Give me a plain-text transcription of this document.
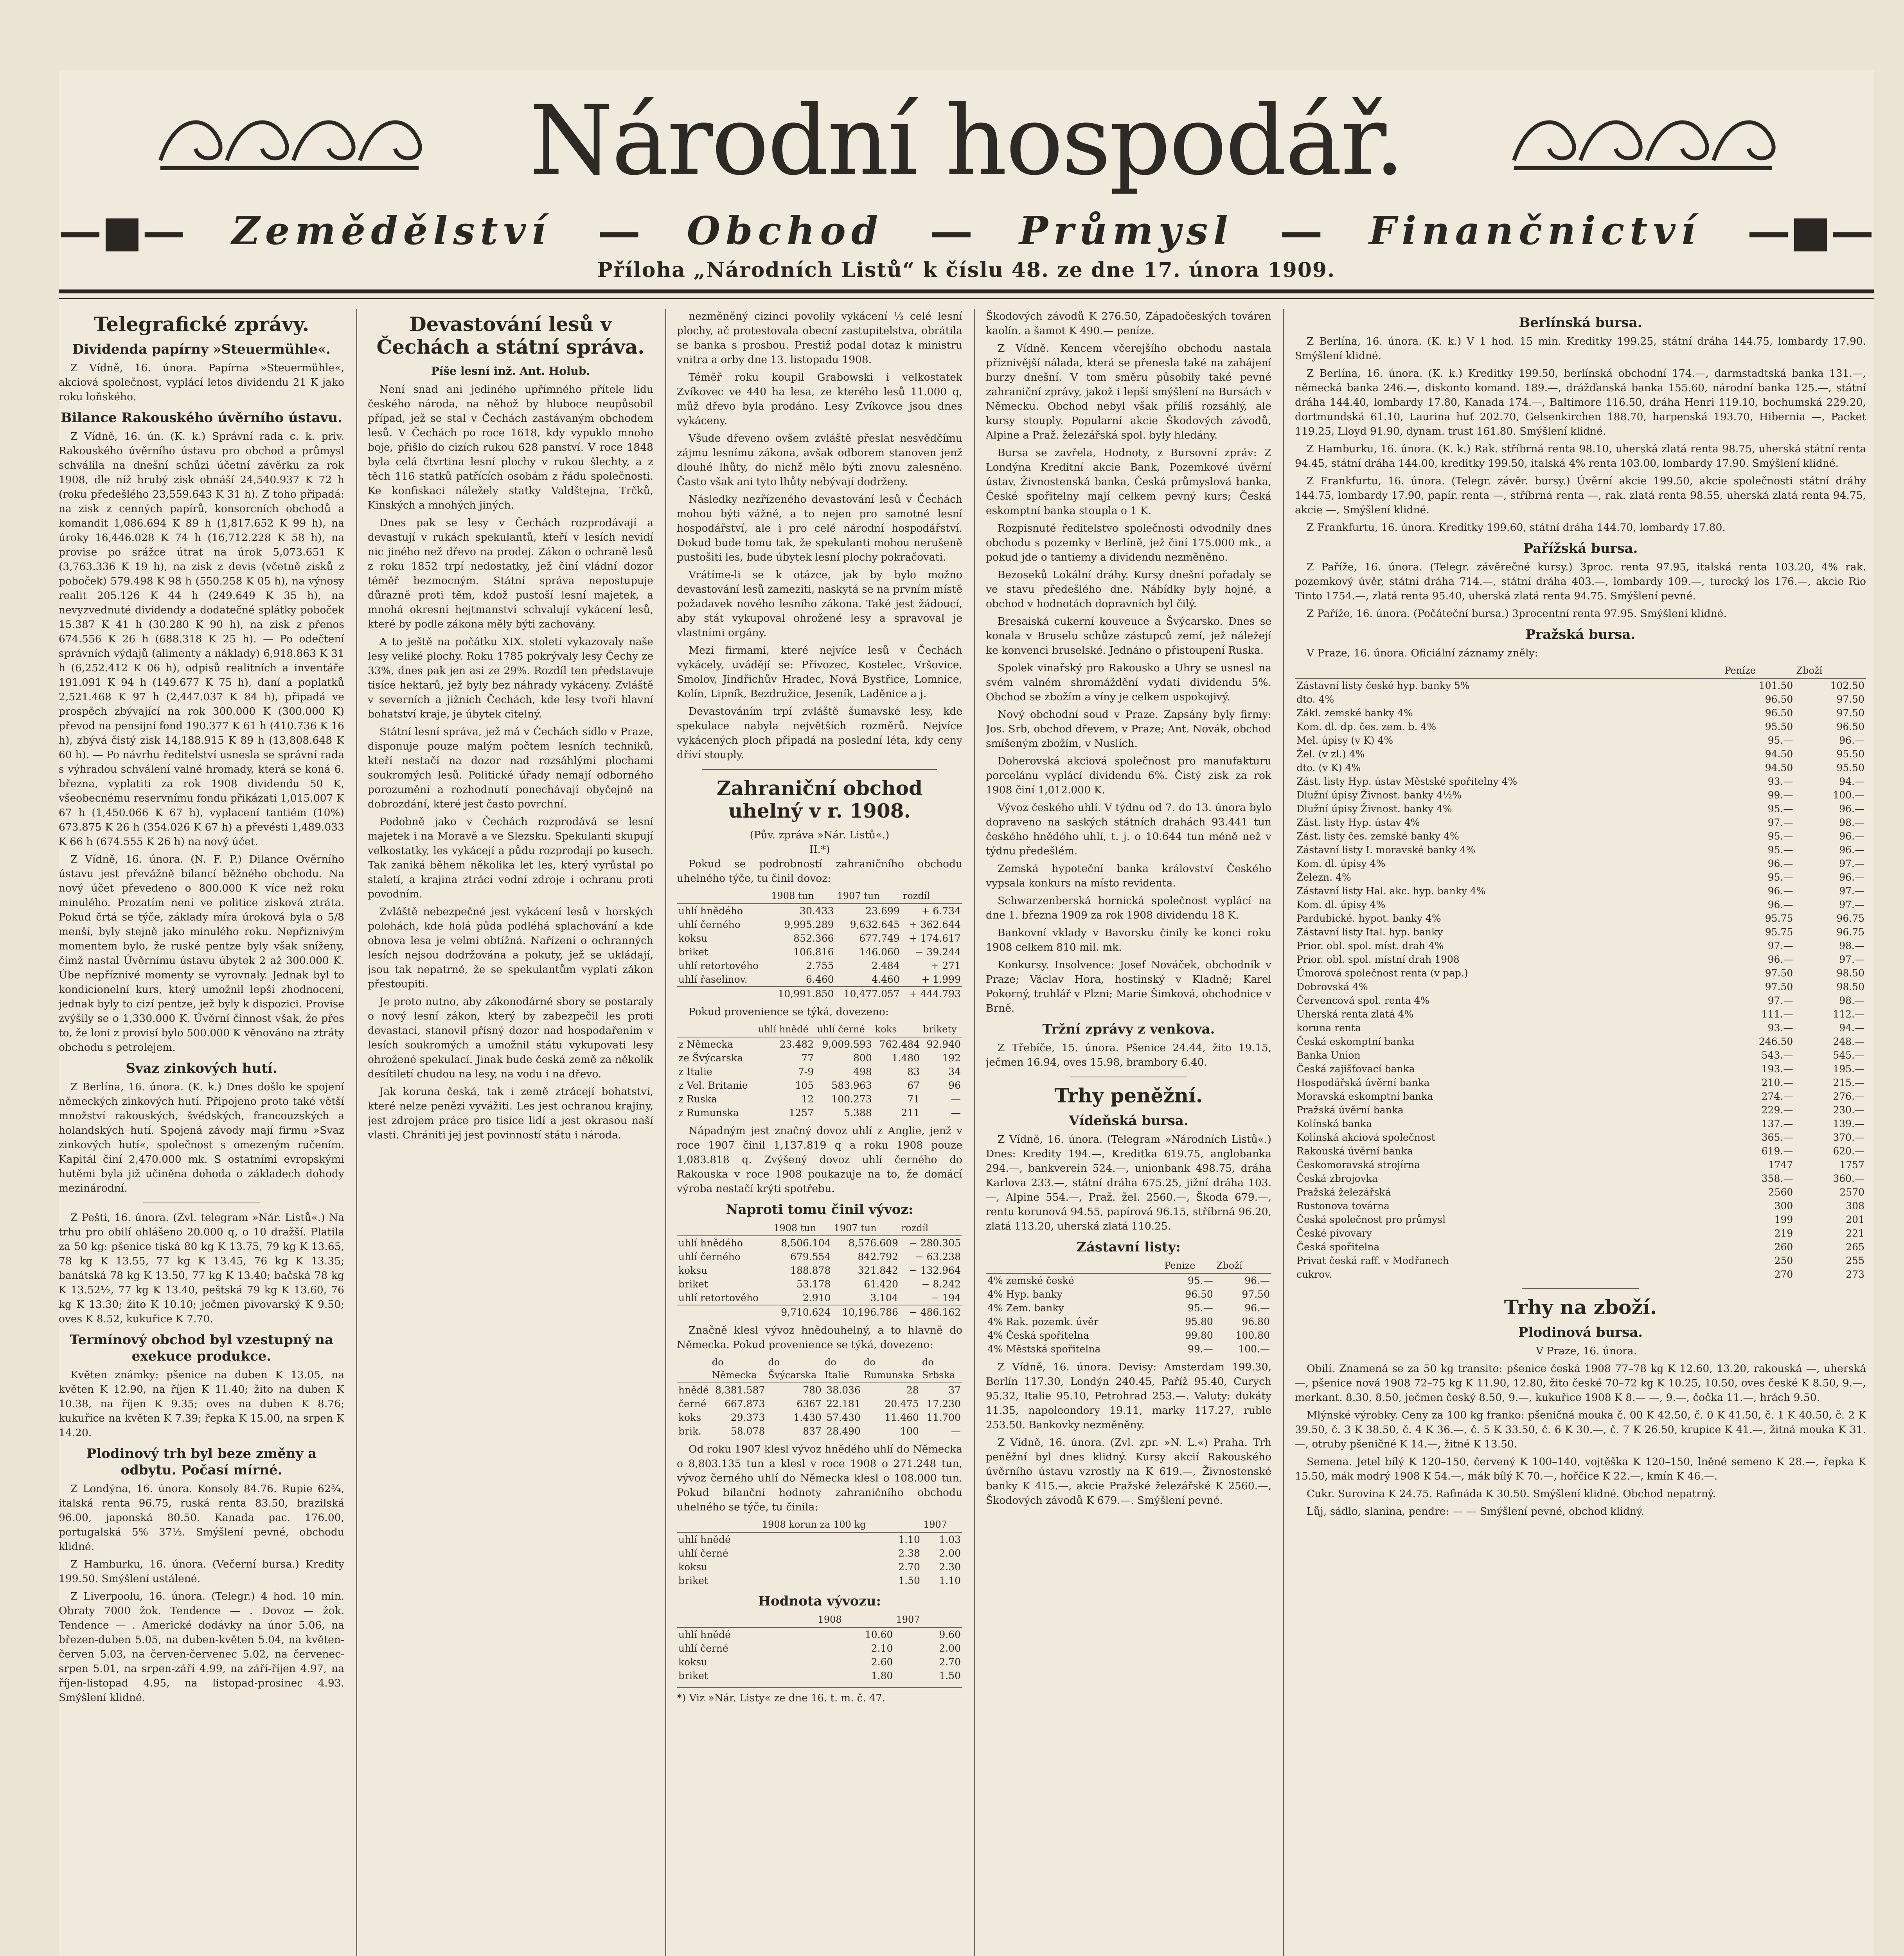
Národní hospodář.
—■— Zemědělství — Obchod — Průmysl — Finančnictví —■—
Příloha „Národních Listů“ k číslu 48. ze dne 17. února 1909.
Telegrafické zprávy.
Dividenda papírny »Steuermühle«.

Z Vídně, 16. února. Papírna »Steuermühle«, akciová společnost, vyplácí letos dividendu 21 K jako roku loňského.

Bilance Rakouského úvěrního ústavu.

Z Vídně, 16. ún. (K. k.) Správní rada c. k. priv. Rakouského úvěrního ústavu pro obchod a průmysl schválila na dnešní schůzi účetní závěrku za rok 1908, dle níž hrubý zisk obnáší 24,540.937 K 72 h (roku předešlého 23,559.643 K 31 h). Z toho připadá: na zisk z cenných papírů, konsorcních obchodů a komandit 1,086.694 K 89 h (1,817.652 K 99 h), na úroky 16,446.028 K 74 h (16,712.228 K 58 h), na provise po srážce útrat na úrok 5,073.651 K (3,763.336 K 19 h), na zisk z devis (včetně zisků z poboček) 579.498 K 98 h (550.258 K 05 h), na výnosy realit 205.126 K 44 h (249.649 K 35 h), na nevyzvednuté dividendy a dodatečné splátky poboček 15.387 K 41 h (30.280 K 90 h), na zisk z přenos 674.556 K 26 h (688.318 K 25 h). — Po odečtení správních výdajů (alimenty a náklady) 6,918.863 K 31 h (6,252.412 K 06 h), odpisů realitních a inventáře 191.091 K 94 h (149.677 K 75 h), daní a poplatků 2,521.468 K 97 h (2,447.037 K 84 h), připadá ve prospěch zbývající na rok 300.000 K (300.000 K) převod na pensijní fond 190.377 K 61 h (410.736 K 16 h), zbývá čistý zisk 14,188.915 K 89 h (13,808.648 K 60 h). — Po návrhu ředitelství usnesla se správní rada s výhradou schválení valné hromady, která se koná 6. března, vyplatiti za rok 1908 dividendu 50 K, všeobecnému reservnímu fondu přikázati 1,015.007 K 67 h (1,450.066 K 67 h), vyplacení tantiém (10%) 673.875 K 26 h (354.026 K 67 h) a převésti 1,489.033 K 66 h (674.555 K 26 h) na nový účet.

Z Vídně, 16. února. (N. F. P.) Dilance Ověrního ústavu jest převážně bilancí běžného obchodu. Na nový účet převedeno o 800.000 K více než roku minulého. Prozatím není ve politice zisková ztráta. Pokud črtá se týče, základy míra úroková byla o 5/8 menší, byly stejně jako minulého roku. Nepřiznivým momentem bylo, že ruské pentze byly však sníženy, čímž nastal Úvěrnímu ústavu úbytek 2 až 300.000 K. Úbe nepříznivé momenty se vyrovnaly. Jednak byl to kondicionelní kurs, který umožnil lepší zhodnocení, jednak byly to cizí pentze, jež byly k dispozici. Provise zvýšily se o 1,330.000 K. Úvěrní činnost však, že přes to, že loni z provisí bylo 500.000 K věnováno na ztráty obchodu s petrolejem.

Svaz zinkových hutí.

Z Berlína, 16. února. (K. k.) Dnes došlo ke spojení německých zinkových hutí. Připojeno proto také větší množství rakouských, švédských, francouzských a holandských hutí. Spojená závody mají firmu »Svaz zinkových hutí«, společnost s omezeným ručením. Kapitál činí 2,470.000 mk. S ostatními evropskými hutěmi byla již učiněna dohoda o základech dohody mezinárodní.

Z Pešti, 16. února. (Zvl. telegram »Nár. Listů«.) Na trhu pro obilí ohlášeno 20.000 q, o 10 dražší. Platila za 50 kg: pšenice tiská 80 kg K 13.75, 79 kg K 13.65, 78 kg K 13.55, 77 kg K 13.45, 76 kg K 13.35; banátská 78 kg K 13.50, 77 kg K 13.40; bačská 78 kg K 13.52½, 77 kg K 13.40, peštská 79 kg K 13.60, 76 kg K 13.30; žito K 10.10; ječmen pivovarský K 9.50; oves K 8.52, kukuřice K 7.70.

Termínový obchod byl vzestupný na exekuce produkce.

Květen známky: pšenice na duben K 13.05, na květen K 12.90, na říjen K 11.40; žito na duben K 10.38, na říjen K 9.35; oves na duben K 8.76; kukuřice na květen K 7.39; řepka K 15.00, na srpen K 14.20.

Plodinový trh byl beze změny a odbytu. Počasí mírné.

Z Londýna, 16. února. Konsoly 84.76. Rupie 62¾, italská renta 96.75, ruská renta 83.50, brazilská 96.00, japonská 80.50. Kanada pac. 176.00, portugalská 5% 37½. Smýšlení pevné, obchodu klidné.

Z Hamburku, 16. února. (Večerní bursa.) Kredity 199.50. Smýšlení ustálené.

Z Liverpoolu, 16. února. (Telegr.) 4 hod. 10 min. Obraty 7000 žok. Tendence — . Dovoz — žok. Tendence — . Americké dodávky na únor 5.06, na březen-duben 5.05, na duben-květen 5.04, na květen-červen 5.03, na červen-červenec 5.02, na červenec-srpen 5.01, na srpen-září 4.99, na září-říjen 4.97, na říjen-listopad 4.95, na listopad-prosinec 4.93. Smýšlení klidné.

Devastování lesů v Čechách a státní správa.
Píše lesní inž. Ant. Holub.

Není snad ani jediného upřímného přítele lidu českého národa, na něhož by hluboce neupůsobil případ, jež se stal v Čechách zastávaným obchodem lesů. V Čechách po roce 1618, kdy vypuklo mnoho boje, přišlo do cizích rukou 628 panství. V roce 1848 byla celá čtvrtina lesní plochy v rukou šlechty, a z těch 116 statků patřících osobám z řádu společnosti. Ke konfiskaci náležely statky Valdštejna, Trčků, Kinských a mnohých jiných.

Dnes pak se lesy v Čechách rozprodávají a devastují v rukách spekulantů, kteří v lesích nevidí nic jiného než dřevo na prodej. Zákon o ochraně lesů z roku 1852 trpí nedostatky, jež činí vládní dozor téměř bezmocným. Státní správa nepostupuje důrazně proti těm, kdož pustoší lesní majetek, a mnohá okresní hejtmanství schvalují vykácení lesů, které by podle zákona měly býti zachovány.

A to ještě na počátku XIX. století vykazovaly naše lesy veliké plochy. Roku 1785 pokrývaly lesy Čechy ze 33%, dnes pak jen asi ze 29%. Rozdíl ten představuje tisíce hektarů, jež byly bez náhrady vykáceny. Zvláště v severních a jižních Čechách, kde lesy tvoří hlavní bohatství kraje, je úbytek citelný.

Státní lesní správa, jež má v Čechách sídlo v Praze, disponuje pouze malým počtem lesních techniků, kteří nestačí na dozor nad rozsáhlými plochami soukromých lesů. Politické úřady nemají odborného porozumění a rozhodnutí ponechávají obyčejně na dobrozdání, které jest často povrchní.

Podobně jako v Čechách rozprodává se lesní majetek i na Moravě a ve Slezsku. Spekulanti skupují velkostatky, les vykácejí a půdu rozprodají po kusech. Tak zaniká během několika let les, který vyrůstal po staletí, a krajina ztrácí vodní zdroje i ochranu proti povodním.

Zvláště nebezpečné jest vykácení lesů v horských polohách, kde holá půda podléhá splachování a kde obnova lesa je velmi obtížná. Nařízení o ochranných lesích nejsou dodržována a pokuty, jež se ukládají, jsou tak nepatrné, že se spekulantům vyplatí zákon přestoupiti.

Je proto nutno, aby zákonodárné sbory se postaraly o nový lesní zákon, který by zabezpečil les proti devastaci, stanovil přísný dozor nad hospodařením v lesích soukromých a umožnil státu vykupovati lesy ohrožené spekulací. Jinak bude česká země za několik desítiletí chudou na lesy, na vodu i na dřevo.

Jak koruna česká, tak i země ztrácejí bohatství, které nelze penězi vyvážiti. Les jest ochranou krajiny, jest zdrojem práce pro tisíce lidí a jest okrasou naší vlasti. Chrániti jej jest povinností státu i národa.

nezměněný cizinci povolily vykácení ⅓ celé lesní plochy, ač protestovala obecní zastupitelstva, obrátila se banka s prosbou. Prestiž podal dotaz k ministru vnitra a orby dne 13. listopadu 1908.

Téměř roku koupil Grabowski i velkostatek Zvíkovec ve 440 ha lesa, ze kterého lesů 11.000 q, můž dřevo byla prodáno. Lesy Zvíkovce jsou dnes vykáceny.

Všude dřeveno ovšem zvláště přeslat nesvědčímu zájmu lesnímu zákona, avšak odborem stanoven jenž dlouhé lhůty, do nichž mělo býti znovu zalesněno. Často však ani tyto lhůty nebývají dodrženy.

Následky nezřízeného devastování lesů v Čechách mohou býti vážné, a to nejen pro samotné lesní hospodářství, ale i pro celé národní hospodářství. Dokud bude tomu tak, že spekulanti mohou nerušeně pustošiti les, bude úbytek lesní plochy pokračovati.

Vrátíme-li se k otázce, jak by bylo možno devastování lesů zameziti, naskytá se na prvním místě požadavek nového lesního zákona. Také jest žádoucí, aby stát vykupoval ohrožené lesy a spravoval je vlastními orgány.

Mezi firmami, které nejvíce lesů v Čechách vykácely, uvádějí se: Přívozec, Kostelec, Vršovice, Smolov, Jindřichův Hradec, Nová Bystřice, Lomnice, Kolín, Lipník, Bezdružice, Jeseník, Laděnice a j.

Devastováním trpí zvláště šumavské lesy, kde spekulace nabyla největších rozměrů. Nejvíce vykácených ploch připadá na poslední léta, kdy ceny dříví stouply.

Zahraniční obchod uhelný v r. 1908.
(Pův. zpráva »Nár. Listů«.)
II.*)

Pokud se podrobností zahraničního obchodu uhelného týče, tu činil dovoz:

	1908 tun	1907 tun	rozdíl
uhlí hnědého	30.433	23.699	+ 6.734
uhlí černého	9,995.289	9,632.645	+ 362.644
koksu	852.366	677.749	+ 174.617
briket	106.816	146.060	− 39.244
uhlí retortového	2.755	2.484	+ 271
uhlí řaselinov.	6.460	4.460	+ 1.999
	10,991.850	10,477.057	+ 444.793

Pokud provenience se týká, dovezeno:

	uhlí hnědé	uhlí černé	koks	brikety
z Německa	23.482	9,009.593	762.484	92.940
ze Švýcarska	77	800	1.480	192
z Italie	7-9	498	83	34
z Vel. Britanie	105	583.963	67	96
z Ruska	12	100.273	71	—
z Rumunska	1257	5.388	211	—

Nápadným jest značný dovoz uhlí z Anglie, jenž v roce 1907 činil 1,137.819 q a roku 1908 pouze 1,083.818 q. Zvýšený dovoz uhlí černého do Rakouska v roce 1908 poukazuje na to, že domácí výroba nestačí krýti spotřebu.

Naproti tomu činil vývoz:
	1908 tun	1907 tun	rozdíl
uhlí hnědého	8,506.104	8,576.609	− 280.305
uhlí černého	679.554	842.792	− 63.238
koksu	188.878	321.842	− 132.964
briket	53.178	61.420	− 8.242
uhlí retortového	2.910	3.104	− 194
	9,710.624	10,196.786	− 486.162

Značně klesl vývoz hnědouhelný, a to hlavně do Německa. Pokud provenience se týká, dovezeno:

	do Německa	do Švýcarska	do Italie	do Rumunska	do Srbska
hnědé	8,381.587	780	38.036	28	37
černé	667.873	6367	22.181	20.475	17.230
koks	29.373	1.430	57.430	11.460	11.700
brik.	58.078	837	28.490	100	—

Od roku 1907 klesl vývoz hnědého uhlí do Německa o 8,803.135 tun a klesl v roce 1908 o 271.248 tun, vývoz černého uhlí do Německa klesl o 108.000 tun. Pokud bilanční hodnoty zahraničního obchodu uhelného se týče, tu činila:

	1908 korun za 100 kg	1907
uhlí hnědé	1.10	1.03
uhlí černé	2.38	2.00
koksu	2.70	2.30
briket	1.50	1.10
Hodnota vývozu:
	1908	1907
uhlí hnědé	10.60	9.60
uhlí černé	2.10	2.00
koksu	2.60	2.70
briket	1.80	1.50
*) Viz »Nár. Listy« ze dne 16. t. m. č. 47.

Škodových závodů K 276.50, Západočeských továren kaolín. a šamot K 490.— peníze.

Z Vídně. Kencem včerejšího obchodu nastala příznivější nálada, která se přenesla také na zahájení burzy dnešní. V tom směru působily také pevné zahraniční zprávy, jakož i lepší smýšlení na Bursách v Německu. Obchod nebyl však příliš rozsáhlý, ale kursy stouply. Popularní akcie Škodových závodů, Alpine a Praž. železářská spol. byly hledány.

Bursa se zavřela, Hodnoty, z Bursovní zpráv: Z Londýna Kreditní akcie Bank, Pozemkové úvěrní ústav, Živnostenská banka, Česká průmyslová banka, České spořitelny mají celkem pevný kurs; Česká eskomptní banka stoupla o 1 K.

Rozpisnuté ředitelstvo společnosti odvodnily dnes obchodu s pozemky v Berlíně, jež činí 175.000 mk., a pokud jde o tantiemy a dividendu nezměněno.

Bezoseků Lokální dráhy. Kursy dnešní pořadaly se ve stavu předešlého dne. Nábídky byly hojné, a obchod v hodnotách dopravních byl čilý.

Bresaiská cukerní kouveuce a Švýcarsko. Dnes se konala v Bruselu schůze zástupců zemí, jež náležejí ke konvenci bruselské. Jednáno o přistoupení Ruska.

Spolek vinařský pro Rakousko a Uhry se usnesl na svém valném shromáždění vydati dividendu 5%. Obchod se zbožím a víny je celkem uspokojivý.

Nový obchodní soud v Praze. Zapsány byly firmy: Jos. Srb, obchod dřevem, v Praze; Ant. Novák, obchod smíšeným zbožím, v Nuslích.

Doherovská akciová společnost pro manufakturu porcelánu vyplácí dividendu 6%. Čistý zisk za rok 1908 činí 1,012.000 K.

Vývoz českého uhlí. V týdnu od 7. do 13. února bylo dopraveno na saských státních drahách 93.441 tun českého hnědého uhlí, t. j. o 10.644 tun méně než v týdnu předešlém.

Zemská hypoteční banka království Českého vypsala konkurs na místo revidenta.

Schwarzenberská hornická společnost vyplácí na dne 1. března 1909 za rok 1908 dividendu 18 K.

Bankovní vklady v Bavorsku činily ke konci roku 1908 celkem 810 mil. mk.

Konkursy. Insolvence: Josef Nováček, obchodník v Praze; Václav Hora, hostinský v Kladně; Karel Pokorný, truhlář v Plzni; Marie Šimková, obchodnice v Brně.

Tržní zprávy z venkova.

Z Třebíče, 15. února. Pšenice 24.44, žito 19.15, ječmen 16.94, oves 15.98, brambory 6.40.

Trhy peněžní.
Vídeňská bursa.

Z Vídně, 16. února. (Telegram »Národních Listů«.) Dnes: Kredity 194.—, Kreditka 619.75, anglobanka 294.—, bankverein 524.—, unionbank 498.75, dráha Karlova 233.—, státní dráha 675.25, jižní dráha 103.—, Alpine 554.—, Praž. žel. 2560.—, Škoda 679.—, rentu korunová 94.55, papírová 96.15, stříbrná 96.20, zlatá 113.20, uherská zlatá 110.25.

Zástavní listy:
	Penize	Zboží
4% zemské české	95.—	96.—
4% Hyp. banky	96.50	97.50
4% Zem. banky	95.—	96.—
4% Rak. pozemk. úvěr	95.80	96.80
4% Česká spořitelna	99.80	100.80
4% Městská spořitelna	99.—	100.—

Z Vídně, 16. února. Devisy: Amsterdam 199.30, Berlín 117.30, Londýn 240.45, Paříž 95.40, Curych 95.32, Italie 95.10, Petrohrad 253.—. Valuty: dukáty 11.35, napoleondory 19.11, marky 117.27, ruble 253.50. Bankovky nezměněny.

Z Vídně, 16. února. (Zvl. zpr. »N. L.«) Praha. Trh peněžní byl dnes klidný. Kursy akcií Rakouského úvěrního ústavu vzrostly na K 619.—, Živnostenské banky K 415.—, akcie Pražské železářské K 2560.—, Škodových závodů K 679.—. Smýšlení pevné.

Berlínská bursa.

Z Berlína, 16. února. (K. k.) V 1 hod. 15 min. Kreditky 199.25, státní dráha 144.75, lombardy 17.90. Smýšlení klidné.

Z Berlína, 16. února. (K. k.) Kreditky 199.50, berlínská obchodní 174.—, darmstadtská banka 131.—, německá banka 246.—, diskonto komand. 189.—, drážďanská banka 155.60, národní banka 125.—, státní dráha 144.40, lombardy 17.80, Kanada 174.—, Baltimore 116.50, dráha Henri 119.10, bochumská 229.20, dortmundská 61.10, Laurina huť 202.70, Gelsenkirchen 188.70, harpenská 193.70, Hibernia —, Packet 119.25, Lloyd 91.90, dynam. trust 161.80. Smýšlení klidné.

Z Hamburku, 16. února. (K. k.) Rak. stříbrná renta 98.10, uherská zlatá renta 98.75, uherská státní renta 94.45, státní dráha 144.00, kreditky 199.50, italská 4% renta 103.00, lombardy 17.90. Smýšlení klidné.

Z Frankfurtu, 16. února. (Telegr. závěr. bursy.) Úvěrní akcie 199.50, akcie společnosti státní dráhy 144.75, lombardy 17.90, papír. renta —, stříbrná renta —, rak. zlatá renta 98.55, uherská zlatá renta 94.75, akcie —, Smýšlení klidné.

Z Frankfurtu, 16. února. Kreditky 199.60, státní dráha 144.70, lombardy 17.80.

Pařížská bursa.

Z Paříže, 16. února. (Telegr. závěrečné kursy.) 3proc. renta 97.95, italská renta 103.20, 4% rak. pozemkový úvěr, státní dráha 714.—, státní dráha 403.—, lombardy 109.—, turecký los 176.—, akcie Rio Tinto 1754.—, zlatá renta 95.40, uherská zlatá renta 94.75. Smýšlení pevné.

Z Paříže, 16. února. (Počáteční bursa.) 3procentní renta 97.95. Smýšlení klidné.

Pražská bursa.

V Praze, 16. února. Oficiální záznamy zněly:

	Peníze	Zboží
Zástavní listy české hyp. banky 5%	101.50	102.50
dto. 4%	96.50	97.50
Zákl. zemské banky 4%	96.50	97.50
Kom. dl. dp. čes. zem. b. 4%	95.50	96.50
Mel. úpisy (v K) 4%	95.—	96.—
Žel. (v zl.) 4%	94.50	95.50
dto. (v K) 4%	94.50	95.50
Zást. listy Hyp. ústav Městské spořitelny 4%	93.—	94.—
Dlužní úpisy Živnost. banky 4½%	99.—	100.—
Dlužní úpisy Živnost. banky 4%	95.—	96.—
Zást. listy Hyp. ústav 4%	97.—	98.—
Zást. listy čes. zemské banky 4%	95.—	96.—
Zástavní listy I. moravské banky 4%	95.—	96.—
Kom. dl. úpisy 4%	96.—	97.—
Železn. 4%	95.—	96.—
Zástavní listy Hal. akc. hyp. banky 4%	96.—	97.—
Kom. dl. úpisy 4%	96.—	97.—
Pardubické. hypot. banky 4%	95.75	96.75
Zástavní listy Ital. hyp. banky	95.75	96.75
Prior. obl. spol. míst. drah 4%	97.—	98.—
Prior. obl. spol. místní drah 1908	96.—	97.—
Úmorová společnost renta (v pap.)	97.50	98.50
Dobrovská 4%	97.50	98.50
Červencová spol. renta 4%	97.—	98.—
Uherská renta zlatá 4%	111.—	112.—
koruna renta	93.—	94.—
Česká eskomptní banka	246.50	248.—
Banka Union	543.—	545.—
Česká zajišťovací banka	193.—	195.—
Hospodářská úvěrní banka	210.—	215.—
Moravská eskomptní banka	274.—	276.—
Pražská úvěrní banka	229.—	230.—
Kolínská banka	137.—	139.—
Kolínská akciová společnost	365.—	370.—
Rakouská úvěrní banka	619.—	620.—
Českomoravská strojírna	1747	1757
Česká zbrojovka	358.—	360.—
Pražská železářská	2560	2570
Rustonova továrna	300	308
Česká společnost pro průmysl	199	201
České pivovary	219	221
Česká spořitelna	260	265
Privat česká raff. v Modřanech	250	255
cukrov.	270	273
Trhy na zboží.
Plodinová bursa.

V Praze, 16. února.

Obilí. Znamená se za 50 kg transito: pšenice česká 1908 77–78 kg K 12.60, 13.20, rakouská —, uherská —, pšenice nová 1908 72–75 kg K 11.90, 12.80, žito české 70–72 kg K 10.25, 10.50, oves české K 8.50, 9.—, merkant. 8.30, 8.50, ječmen český 8.50, 9.—, kukuřice 1908 K 8.— —, 9.—, čočka 11.—, hrách 9.50.

Mlýnské výrobky. Ceny za 100 kg franko: pšeničná mouka č. 00 K 42.50, č. 0 K 41.50, č. 1 K 40.50, č. 2 K 39.50, č. 3 K 38.50, č. 4 K 36.—, č. 5 K 33.50, č. 6 K 30.—, č. 7 K 26.50, krupice K 41.—, žitná mouka K 31.—, otruby pšeničné K 14.—, žitné K 13.50.

Semena. Jetel bílý K 120–150, červený K 100–140, vojtěška K 120–150, lněné semeno K 28.—, řepka K 15.50, mák modrý 1908 K 54.—, mák bílý K 70.—, hořčice K 22.—, kmín K 46.—.

Cukr. Surovina K 24.75. Rafináda K 30.50. Smýšlení klidné. Obchod nepatrný.

Lůj, sádlo, slanina, pendre: — — Smýšlení pevné, obchod klidný.
